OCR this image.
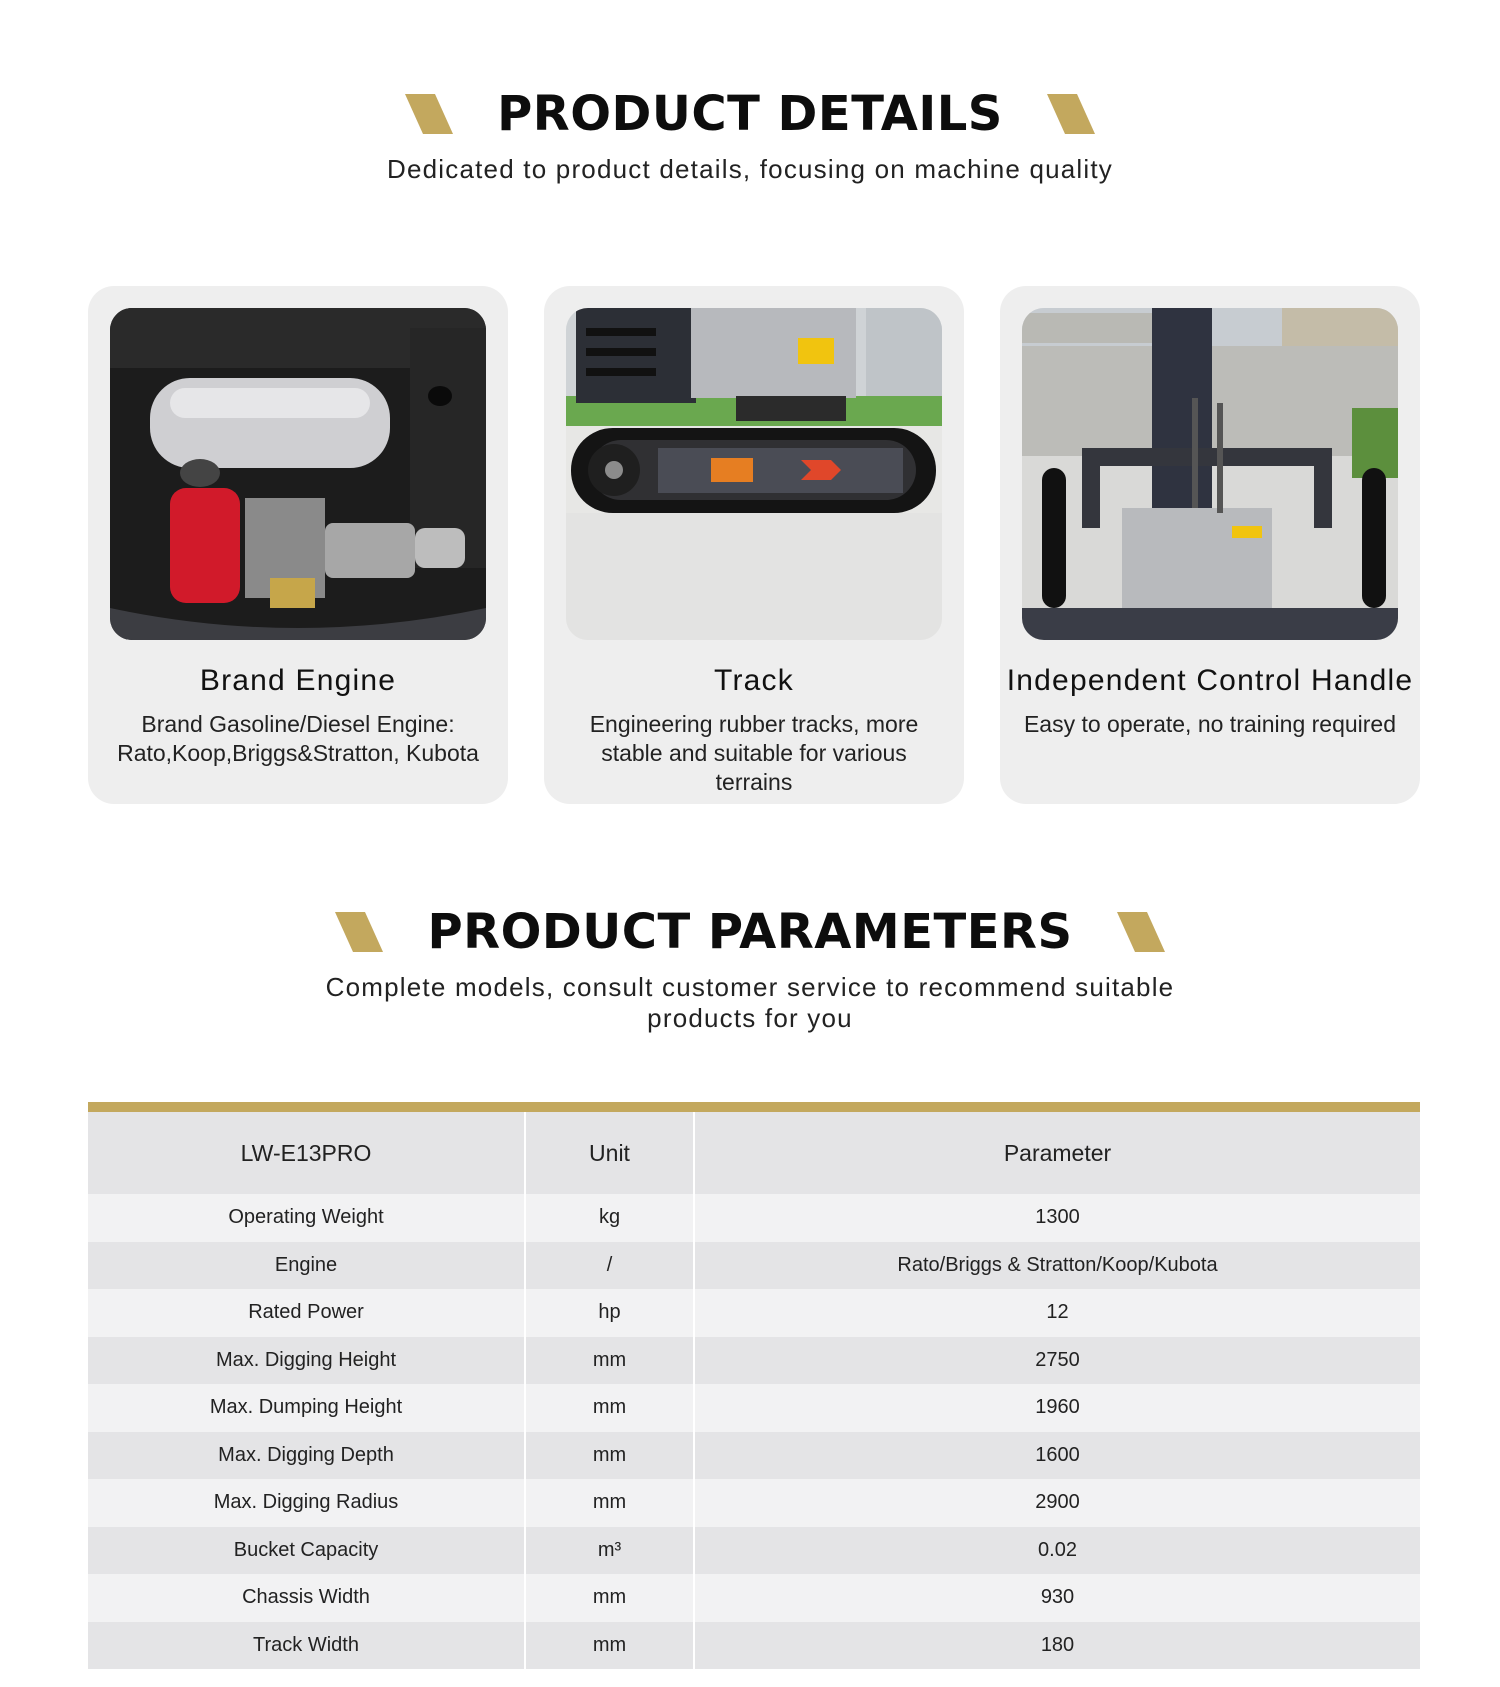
PRODUCT DETAILS
Dedicated to product details, focusing on machine quality
Brand Engine
Brand Gasoline/Diesel Engine: Rato,Koop,Briggs&Stratton, Kubota
Track
Engineering rubber tracks, more stable and suitable for various terrains
Independent Control Handle
Easy to operate, no training required
PRODUCT PARAMETERS
Complete models, consult customer service to recommend suitable
products for you
LW-E13PRO	Unit	Parameter
Operating Weight	kg	1300
Engine	/	Rato/Briggs & Stratton/Koop/Kubota
Rated Power	hp	12
Max. Digging Height	mm	2750
Max. Dumping Height	mm	1960
Max. Digging Depth	mm	1600
Max. Digging Radius	mm	2900
Bucket Capacity	m³	0.02
Chassis Width	mm	930
Track Width	mm	180
